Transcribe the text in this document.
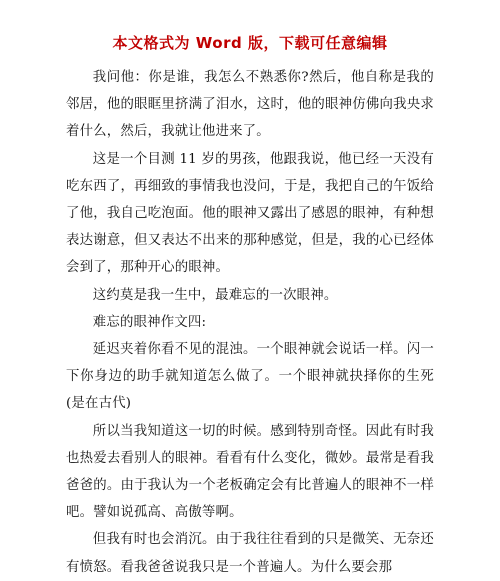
本文格式为 Word 版，下载可任意编辑

我问他：你是谁，我怎么不熟悉你?然后，他自称是我的邻居，他的眼眶里挤满了泪水，这时，他的眼神仿佛向我央求着什么，然后，我就让他进来了。

这是一个目测 11 岁的男孩，他跟我说，他已经一天没有吃东西了，再细致的事情我也没问，于是，我把自己的午饭给了他，我自己吃泡面。他的眼神又露出了感恩的眼神，有种想表达谢意，但又表达不出来的那种感觉，但是，我的心已经体会到了，那种开心的眼神。

这约莫是我一生中，最难忘的一次眼神。

难忘的眼神作文四:

延迟夹着你看不见的混浊。一个眼神就会说话一样。闪一下你身边的助手就知道怎么做了。一个眼神就抉择你的生死(是在古代)

所以当我知道这一切的时候。感到特别奇怪。因此有时我也热爱去看别人的眼神。看看有什么变化，微妙。最常是看我爸爸的。由于我认为一个老板确定会有比普遍人的眼神不一样吧。譬如说孤高、高傲等啊。

但我有时也会消沉。由于我往往看到的只是微笑、无奈还有愤怒。看我爸爸说我只是一个普遍人。为什么要会那
